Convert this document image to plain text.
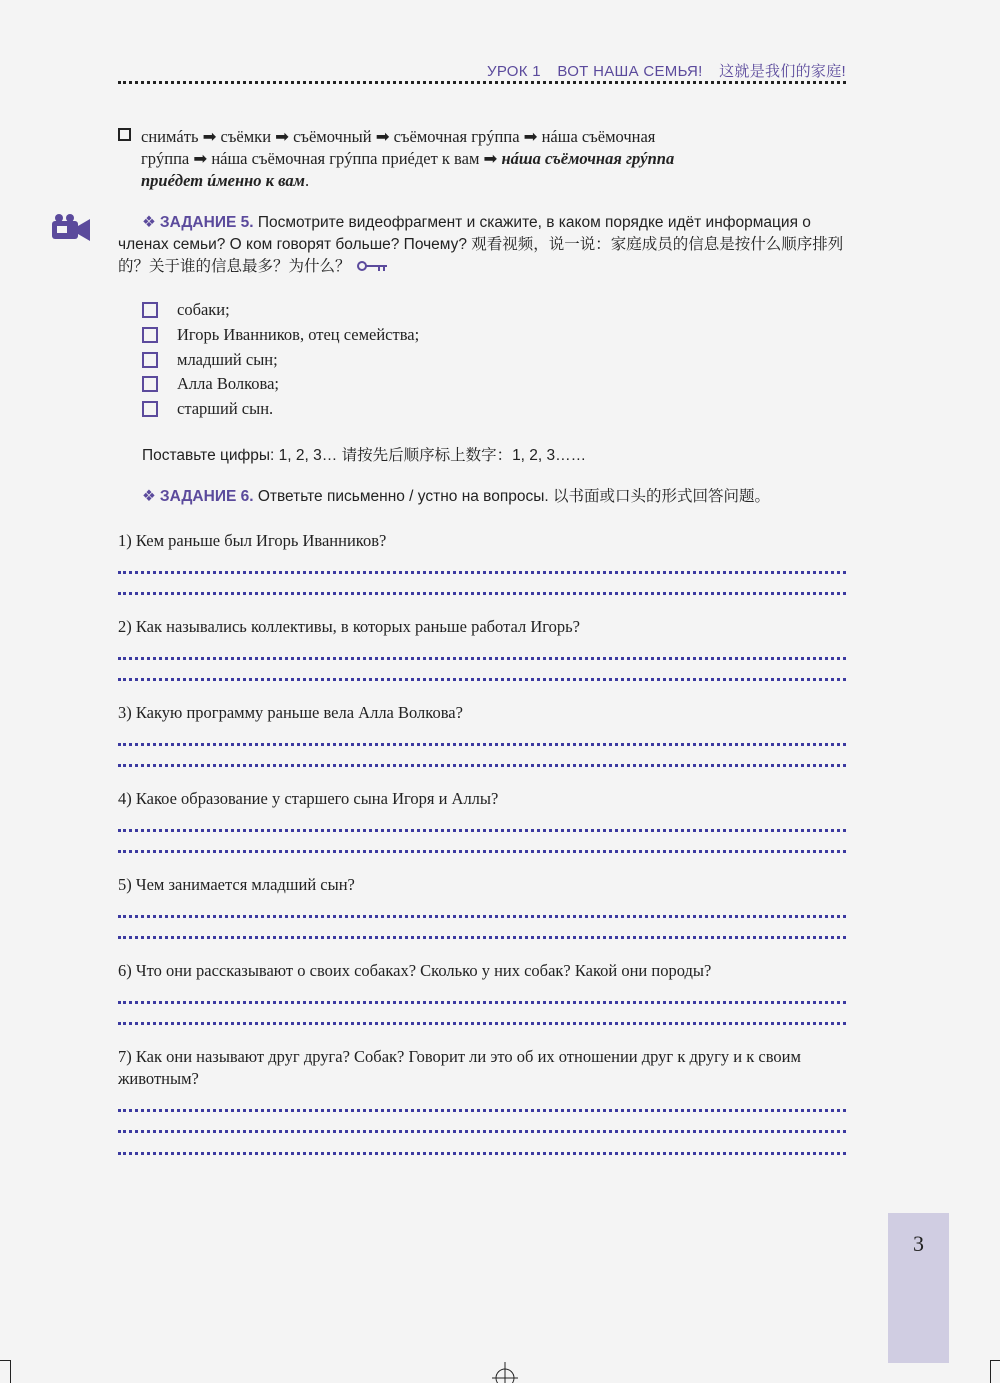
УРОК 1 ВОТ НАША СЕМЬЯ! 这就是我们的家庭!
снимáть ➡ съёмки ➡ съёмочный ➡ съёмочная грýппа ➡ нáша съёмочная
грýппа ➡ нáша съёмочная грýппа приéдет к вам ➡ нáша съёмочная грýппа
приéдет úменно к вам.
❖ ЗАДАНИЕ 5. Посмотрите видеофрагмент и скажите, в каком порядке идёт информация о членах семьи? О ком говорят больше? Почему? 观看视频，说一说：家庭成员的信息是按什么顺序排列的？关于谁的信息最多？为什么？
собаки;
Игорь Иванников, отец семейства;
младший сын;
Алла Волкова;
старший сын.
Поставьте цифры: 1, 2, 3… 请按先后顺序标上数字：1, 2, 3……
❖ ЗАДАНИЕ 6. Ответьте письменно / устно на вопросы. 以书面或口头的形式回答问题。
1) Кем раньше был Игорь Иванников?
2) Как назывались коллективы, в которых раньше работал Игорь?
3) Какую программу раньше вела Алла Волкова?
4) Какое образование у старшего сына Игоря и Аллы?
5) Чем занимается младший сын?
6) Что они рассказывают о своих собаках? Сколько у них собак? Какой они породы?
7) Как они называют друг друга? Собак? Говорит ли это об их отношении друг к другу и к своим животным?
3
